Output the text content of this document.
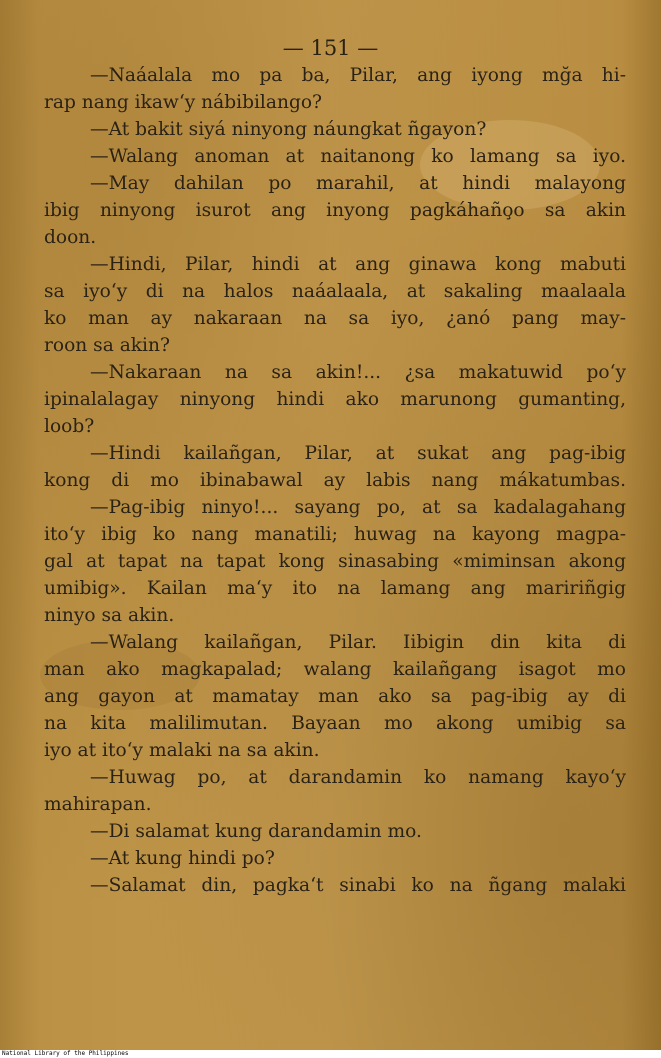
— 151 —
—Naáalala mo pa ba, Pilar, ang iyong mğa hi-
rap nang ikaw‘y nábibilango?
—At bakit siyá ninyong náungkat ñgayon?
—Walang anoman at naitanong ko lamang sa iyo.
—May dahilan po marahil, at hindi malayong
ibig ninyong isurot ang inyong pagkáhaño̧o sa akin
doon.
—Hindi, Pilar, hindi at ang ginawa kong mabuti
sa iyo‘y di na halos naáalaala, at sakaling maalaala
ko man ay nakaraan na sa iyo, ¿anó pang may-
roon sa akin?
—Nakaraan na sa akin!... ¿sa makatuwid po‘y
ipinalalagay ninyong hindi ako marunong gumanting,
loob?
—Hindi kailañgan, Pilar, at sukat ang pag-ibig
kong di mo ibinabawal ay labis nang mákatumbas.
—Pag-ibig ninyo!... sayang po, at sa kadalagahang
ito‘y ibig ko nang manatili; huwag na kayong magpa-
gal at tapat na tapat kong sinasabing «miminsan akong
umibig». Kailan ma‘y ito na lamang ang maririñgig
ninyo sa akin.
—Walang kailañgan, Pilar. Iibigin din kita di
man ako magkapalad; walang kailañgang isagot mo
ang gayon at mamatay man ako sa pag-ibig ay di
na kita malilimutan. Bayaan mo akong umibig sa
iyo at ito‘y malaki na sa akin.
—Huwag po, at darandamin ko namang kayo‘y
mahirapan.
—Di salamat kung darandamin mo.
—At kung hindi po?
—Salamat din, pagka‘t sinabi ko na ñgang malaki
National Library of the Philippines
